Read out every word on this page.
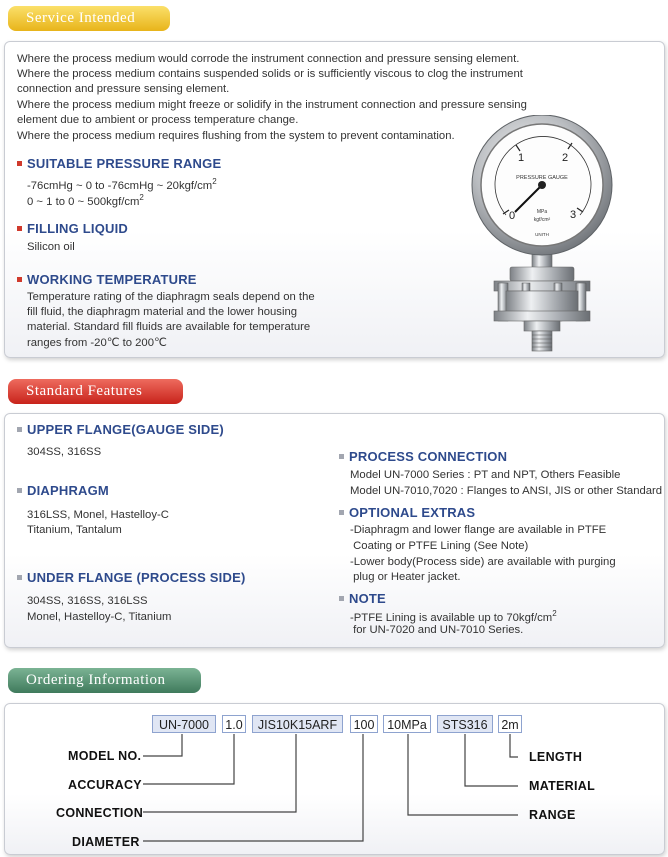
Service Intended

Where the process medium would corrode the instrument connection and pressure sensing element.

Where the process medium contains suspended solids or is sufficiently viscous to clog the instrument

connection and pressure sensing element.

Where the process medium might freeze or solidify in the instrument connection and pressure sensing

element due to ambient or process temperature change.

Where the process medium requires flushing from the system to prevent contamination.

SUITABLE PRESSURE RANGE

-76cmHg ~ 0 to -76cmHg ~ $20kgf/cm^2$

0 ~ 1 to 0 ~ $500kgf/cm^2$

FILLING LIQUID

Silicon oil

WORKING TEMPERATURE

Temperature rating of the diaphragm seals depend on the

fill fluid, the diaphragm material and the lower housing

material. Standard fill fluids are available for temperature

ranges from -20℃ to 200℃

0
1	2
3
PRESSURE GAUGE
MPa
kgf/cm²
UNITH
Standard Features
UPPER FLANGE(GAUGE SIDE)

304SS, 316SS

DIAPHRAGM

316LSS, Monel, Hastelloy-C

Titanium, Tantalum

UNDER FLANGE (PROCESS SIDE)

304SS, 316SS, 316LSS

Monel, Hastelloy-C, Titanium

PROCESS CONNECTION

Model UN-7000 Series : PT and NPT, Others Feasible

Model UN-7010,7020 : Flanges to ANSI, JIS or other Standard

OPTIONAL EXTRAS

-Diaphragm and lower flange are available in PTFE

Coating or PTFE Lining (See Note)

-Lower body(Process side) are available with purging

plug or Heater jacket.

NOTE

-PTFE Lining is available up to $70kgf/cm^2$

for UN-7020 and UN-7010 Series.

Ordering Information
UN-7000	1.0	JIS10K15ARF	100	10MPa	STS316	2m
MODEL NO.
ACCURACY
CONNECTION
DIAMETER
LENGTH
MATERIAL
RANGE
